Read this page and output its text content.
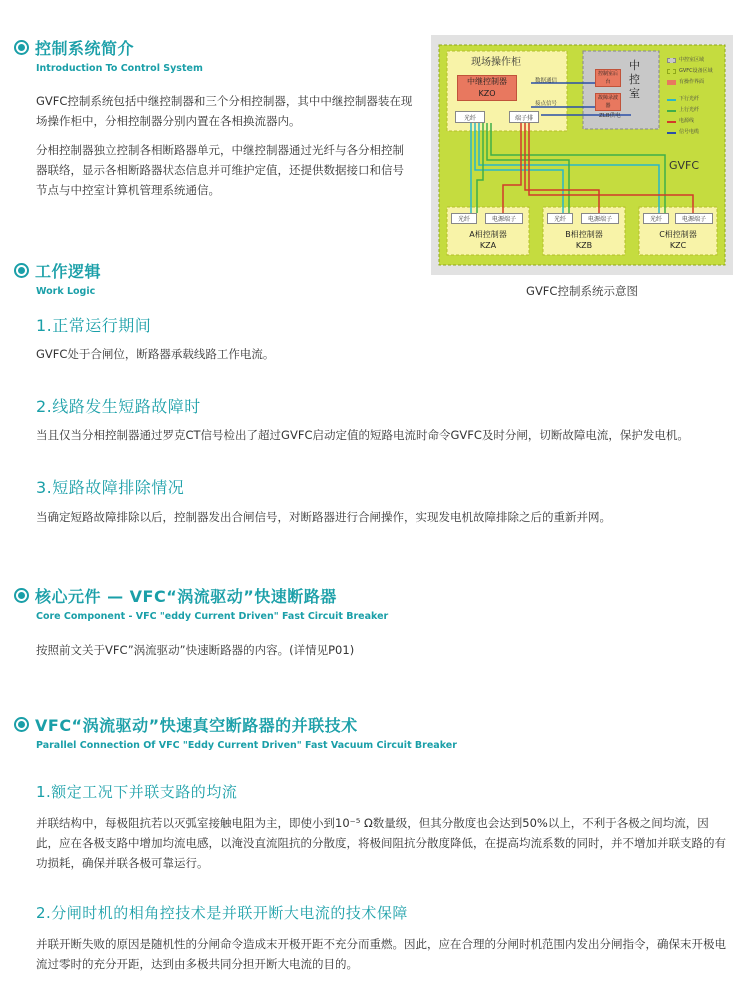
控制系统简介
Introduction To Control System
GVFC控制系统包括中继控制器和三个分相控制器，其中中继控制器装在现场操作柜中，分相控制器分别内置在各相换流器内。
分相控制器独立控制各相断路器单元，中继控制器通过光纤与各分相控制器联络，显示各相断路器状态信息并可维护定值，还提供数据接口和信号节点与中控室计算机管理系统通信。
现场操作柜
中继控制器
KZO
数据通信
接点信号
光纤	端子排	ZLB供电
控制室后台
故障录波器
中控室
GVFC
中控室区域
GVFC设备区域
有操作界面
下行光纤
上行光纤
电源线
信号电缆
光纤	电源端子
A相控制器
KZA
光纤	电源端子
B相控制器
KZB
光纤	电源端子
C相控制器
KZC
GVFC控制系统示意图
工作逻辑
Work Logic
1.正常运行期间
GVFC处于合闸位，断路器承载线路工作电流。
2.线路发生短路故障时
当且仅当分相控制器通过罗克CT信号检出了超过GVFC启动定值的短路电流时命令GVFC及时分闸，切断故障电流，保护发电机。
3.短路故障排除情况
当确定短路故障排除以后，控制器发出合闸信号，对断路器进行合闸操作，实现发电机故障排除之后的重新并网。
核心元件 — VFC“涡流驱动”快速断路器
Core Component - VFC "eddy Current Driven" Fast Circuit Breaker
按照前文关于VFC”涡流驱动”快速断路器的内容。(详情见P01)
VFC“涡流驱动”快速真空断路器的并联技术
Parallel Connection Of VFC "Eddy Current Driven" Fast Vacuum Circuit Breaker
1.额定工况下并联支路的均流
并联结构中，每极阻抗若以灭弧室接触电阻为主，即使小到10⁻⁵ Ω数量级，但其分散度也会达到50%以上，不利于各极之间均流，因此，应在各极支路中增加均流电感，以淹没直流阻抗的分散度，将极间阻抗分散度降低，在提高均流系数的同时，并不增加并联支路的有功损耗，确保并联各极可靠运行。
2.分闸时机的相角控技术是并联开断大电流的技术保障
并联开断失败的原因是随机性的分闸命令造成末开极开距不充分而重燃。因此，应在合理的分闸时机范围内发出分闸指令，确保末开极电流过零时的充分开距，达到由多极共同分担开断大电流的目的。
